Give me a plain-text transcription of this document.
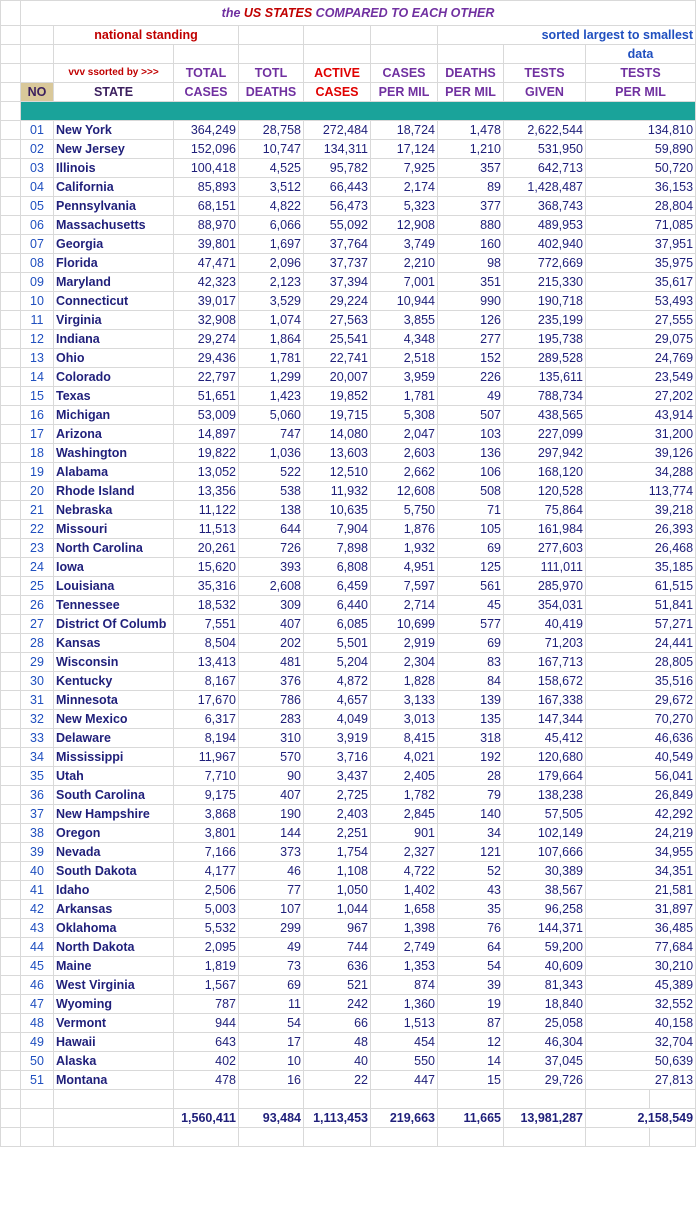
	the US STATES COMPARED TO EACH OTHER									
		national standing					sorted largest to smallest			
									data	
		vvv ssorted by >>>	TOTAL	TOTL	ACTIVE	CASES	DEATHS	TESTS	TESTS	
	NO	STATE	CASES	DEATHS	CASES	PER MIL	PER MIL	GIVEN	PER MIL	

	01	New York	364,249	28,758	272,484	18,724	1,478	2,622,544	134,810	
	02	New Jersey	152,096	10,747	134,311	17,124	1,210	531,950	59,890	
	03	Illinois	100,418	4,525	95,782	7,925	357	642,713	50,720	
	04	California	85,893	3,512	66,443	2,174	89	1,428,487	36,153	
	05	Pennsylvania	68,151	4,822	56,473	5,323	377	368,743	28,804	
	06	Massachusetts	88,970	6,066	55,092	12,908	880	489,953	71,085	
	07	Georgia	39,801	1,697	37,764	3,749	160	402,940	37,951	
	08	Florida	47,471	2,096	37,737	2,210	98	772,669	35,975	
	09	Maryland	42,323	2,123	37,394	7,001	351	215,330	35,617	
	10	Connecticut	39,017	3,529	29,224	10,944	990	190,718	53,493	
	11	Virginia	32,908	1,074	27,563	3,855	126	235,199	27,555	
	12	Indiana	29,274	1,864	25,541	4,348	277	195,738	29,075	
	13	Ohio	29,436	1,781	22,741	2,518	152	289,528	24,769	
	14	Colorado	22,797	1,299	20,007	3,959	226	135,611	23,549	
	15	Texas	51,651	1,423	19,852	1,781	49	788,734	27,202	
	16	Michigan	53,009	5,060	19,715	5,308	507	438,565	43,914	
	17	Arizona	14,897	747	14,080	2,047	103	227,099	31,200	
	18	Washington	19,822	1,036	13,603	2,603	136	297,942	39,126	
	19	Alabama	13,052	522	12,510	2,662	106	168,120	34,288	
	20	Rhode Island	13,356	538	11,932	12,608	508	120,528	113,774	
	21	Nebraska	11,122	138	10,635	5,750	71	75,864	39,218	
	22	Missouri	11,513	644	7,904	1,876	105	161,984	26,393	
	23	North Carolina	20,261	726	7,898	1,932	69	277,603	26,468	
	24	Iowa	15,620	393	6,808	4,951	125	111,011	35,185	
	25	Louisiana	35,316	2,608	6,459	7,597	561	285,970	61,515	
	26	Tennessee	18,532	309	6,440	2,714	45	354,031	51,841	
	27	District Of Columb	7,551	407	6,085	10,699	577	40,419	57,271	
	28	Kansas	8,504	202	5,501	2,919	69	71,203	24,441	
	29	Wisconsin	13,413	481	5,204	2,304	83	167,713	28,805	
	30	Kentucky	8,167	376	4,872	1,828	84	158,672	35,516	
	31	Minnesota	17,670	786	4,657	3,133	139	167,338	29,672	
	32	New Mexico	6,317	283	4,049	3,013	135	147,344	70,270	
	33	Delaware	8,194	310	3,919	8,415	318	45,412	46,636	
	34	Mississippi	11,967	570	3,716	4,021	192	120,680	40,549	
	35	Utah	7,710	90	3,437	2,405	28	179,664	56,041	
	36	South Carolina	9,175	407	2,725	1,782	79	138,238	26,849	
	37	New Hampshire	3,868	190	2,403	2,845	140	57,505	42,292	
	38	Oregon	3,801	144	2,251	901	34	102,149	24,219	
	39	Nevada	7,166	373	1,754	2,327	121	107,666	34,955	
	40	South Dakota	4,177	46	1,108	4,722	52	30,389	34,351	
	41	Idaho	2,506	77	1,050	1,402	43	38,567	21,581	
	42	Arkansas	5,003	107	1,044	1,658	35	96,258	31,897	
	43	Oklahoma	5,532	299	967	1,398	76	144,371	36,485	
	44	North Dakota	2,095	49	744	2,749	64	59,200	77,684	
	45	Maine	1,819	73	636	1,353	54	40,609	30,210	
	46	West Virginia	1,567	69	521	874	39	81,343	45,389	
	47	Wyoming	787	11	242	1,360	19	18,840	32,552	
	48	Vermont	944	54	66	1,513	87	25,058	40,158	
	49	Hawaii	643	17	48	454	12	46,304	32,704	
	50	Alaska	402	10	40	550	14	37,045	50,639	
	51	Montana	478	16	22	447	15	29,726	27,813	

			1,560,411	93,484	1,113,453	219,663	11,665	13,981,287	2,158,549	
